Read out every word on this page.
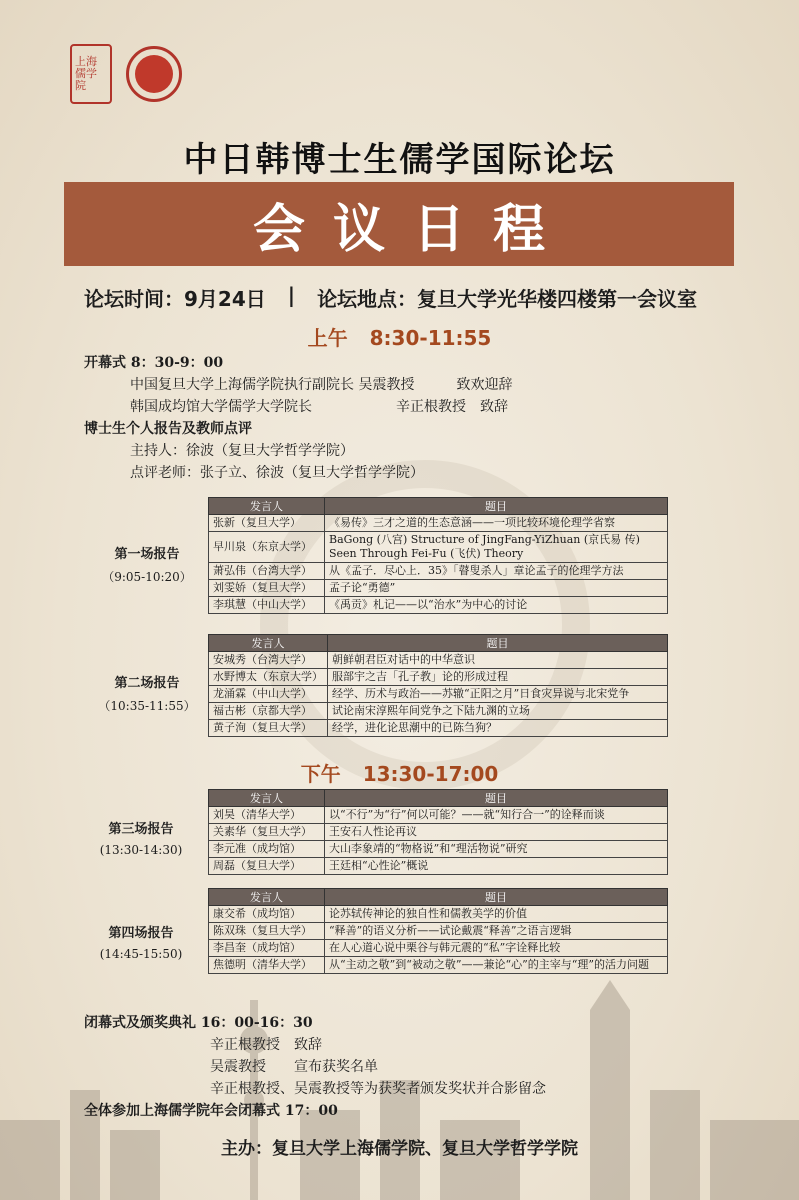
上海儒学院
中日韩博士生儒学国际论坛
会议日程
论坛时间：9月24日 | 论坛地点：复旦大学光华楼四楼第一会议室
上午 8:30-11:55
开幕式 8：30-9：00
中国复旦大学上海儒学院执行副院长 吴震教授　　　致欢迎辞
韩国成均馆大学儒学大学院长　　　　　　辛正根教授　致辞
博士生个人报告及教师点评
主持人：徐波（复旦大学哲学学院）
点评老师：张子立、徐波（复旦大学哲学学院）
第一场报告
（9:05-10:20）
发言人	题目
张新（复旦大学）	《易传》三才之道的生态意涵——一项比较环境伦理学省察
早川泉（东京大学）	BaGong (八宫) Structure of JingFang-YiZhuan (京氏易 传) Seen Through Fei-Fu (飞伏) Theory
萧弘伟（台湾大学）	从《孟子．尽心上．35》「瞽叟杀人」章论孟子的伦理学方法
刘雯娇（复旦大学）	孟子论“勇德”
李琪慧（中山大学）	《禹贡》札记——以“治水”为中心的讨论
第二场报告
（10:35-11:55）
发言人	题目
安城秀（台湾大学）	朝鲜朝君臣对话中的中华意识
水野博太（东京大学）	服部宇之吉「孔子教」论的形成过程
龙涌霖（中山大学）	经学、历术与政治——苏辙“正阳之月”日食灾异说与北宋党争
福古彬（京都大学）	试论南宋淳熙年间党争之下陆九渊的立场
黄子洵（复旦大学）	经学，进化论思潮中的已陈刍狗？
下午 13:30-17:00
第三场报告
(13:30-14:30)
发言人	题目
刘昊（清华大学）	以“不行”为“行”何以可能？——就“知行合一”的诠释而谈
关素华（复旦大学）	王安石人性论再议
李元准（成均馆）	大山李象靖的“物格说”和“理活物说”研究
周磊（复旦大学）	王廷相“心性论”概说
第四场报告
(14:45-15:50)
发言人	题目
康交希（成均馆）	论苏轼传神论的独自性和儒教美学的价值
陈双珠（复旦大学）	“释善”的语义分析——试论戴震“释善”之语言逻辑
李昌奎（成均馆）	在人心道心说中栗谷与韩元震的“私”字诠释比较
焦德明（清华大学）	从“主动之敬”到“被动之敬”——兼论“心”的主宰与“理”的活力问题
闭幕式及颁奖典礼 16：00-16：30
辛正根教授　致辞
吴震教授　　宣布获奖名单
辛正根教授、吴震教授等为获奖者颁发奖状并合影留念
全体参加上海儒学院年会闭幕式 17：00
主办：复旦大学上海儒学院、复旦大学哲学学院
